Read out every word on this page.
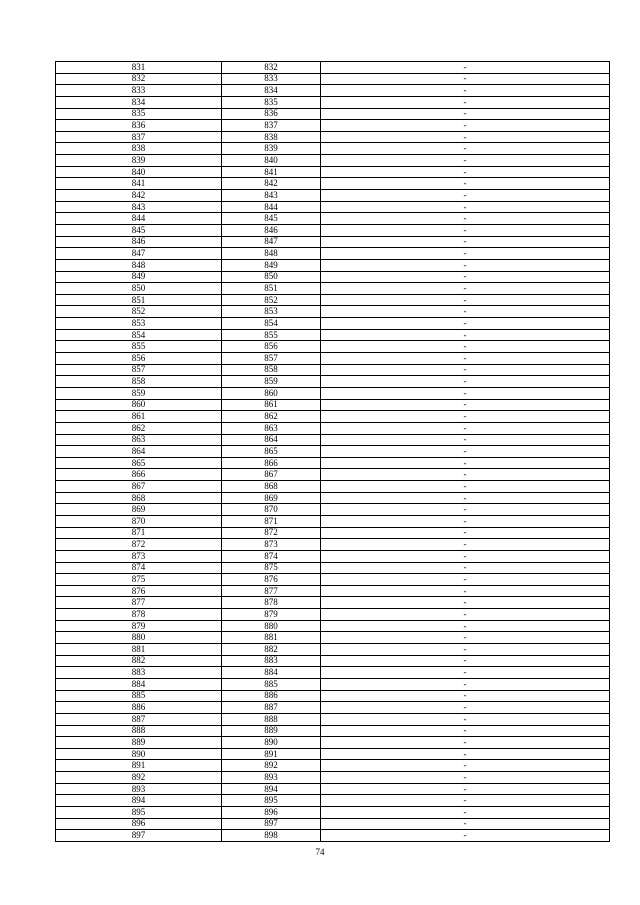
831	832	-
832	833	-
833	834	-
834	835	-
835	836	-
836	837	-
837	838	-
838	839	-
839	840	-
840	841	-
841	842	-
842	843	-
843	844	-
844	845	-
845	846	-
846	847	-
847	848	-
848	849	-
849	850	-
850	851	-
851	852	-
852	853	-
853	854	-
854	855	-
855	856	-
856	857	-
857	858	-
858	859	-
859	860	-
860	861	-
861	862	-
862	863	-
863	864	-
864	865	-
865	866	-
866	867	-
867	868	-
868	869	-
869	870	-
870	871	-
871	872	-
872	873	-
873	874	-
874	875	-
875	876	-
876	877	-
877	878	-
878	879	-
879	880	-
880	881	-
881	882	-
882	883	-
883	884	-
884	885	-
885	886	-
886	887	-
887	888	-
888	889	-
889	890	-
890	891	-
891	892	-
892	893	-
893	894	-
894	895	-
895	896	-
896	897	-
897	898	-
74
